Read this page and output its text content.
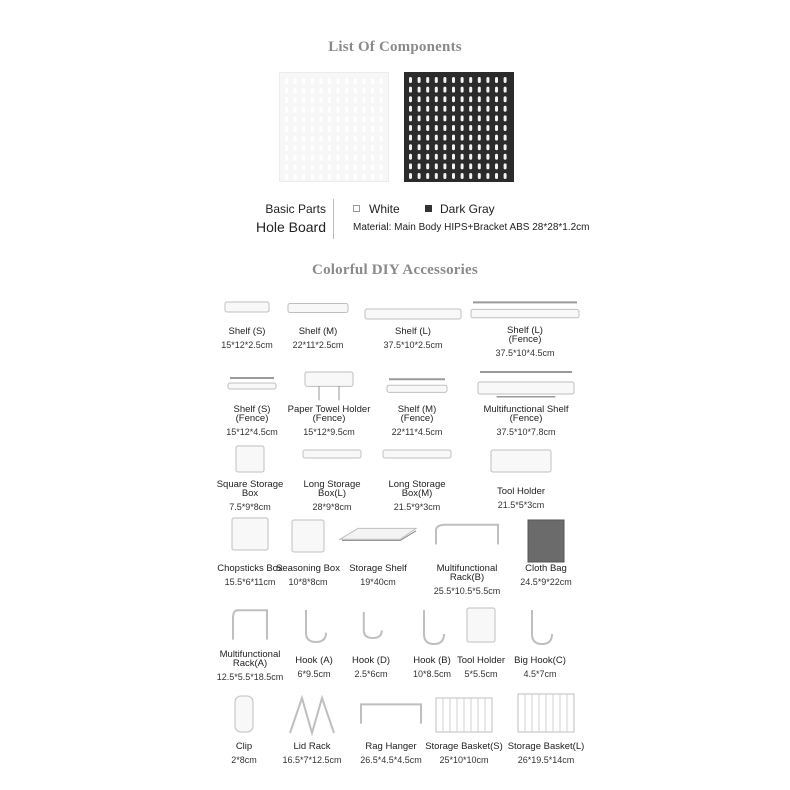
List Of Components
Basic Parts
Hole Board
White	Dark Gray
Material: Main Body HIPS+Bracket ABS 28*28*1.2cm
Colorful DIY Accessories
Shelf (S)
15*12*2.5cm
Shelf (M)
22*11*2.5cm
Shelf (L)
37.5*10*2.5cm
Shelf (L)
(Fence)
37.5*10*4.5cm
Shelf (S)
(Fence)
15*12*4.5cm
Paper Towel Holder
(Fence)
15*12*9.5cm
Shelf (M)
(Fence)
22*11*4.5cm
Multifunctional Shelf
(Fence)
37.5*10*7.8cm
Square Storage
Box
7.5*9*8cm
Long Storage
Box(L)
28*9*8cm
Long Storage
Box(M)
21.5*9*3cm
Tool Holder
21.5*5*3cm
Chopsticks Box
15.5*6*11cm
Seasoning Box
10*8*8cm
Storage Shelf
19*40cm
Multifunctional
Rack(B)
25.5*10.5*5.5cm
Cloth Bag
24.5*9*22cm
Multifunctional
Rack(A)
12.5*5.5*18.5cm
Hook (A)
6*9.5cm
Hook (D)
2.5*6cm
Hook (B)
10*8.5cm
Tool Holder
5*5.5cm
Big Hook(C)
4.5*7cm
Clip
2*8cm
Lid Rack
16.5*7*12.5cm
Rag Hanger
26.5*4.5*4.5cm
Storage Basket(S)
25*10*10cm
Storage Basket(L)
26*19.5*14cm
